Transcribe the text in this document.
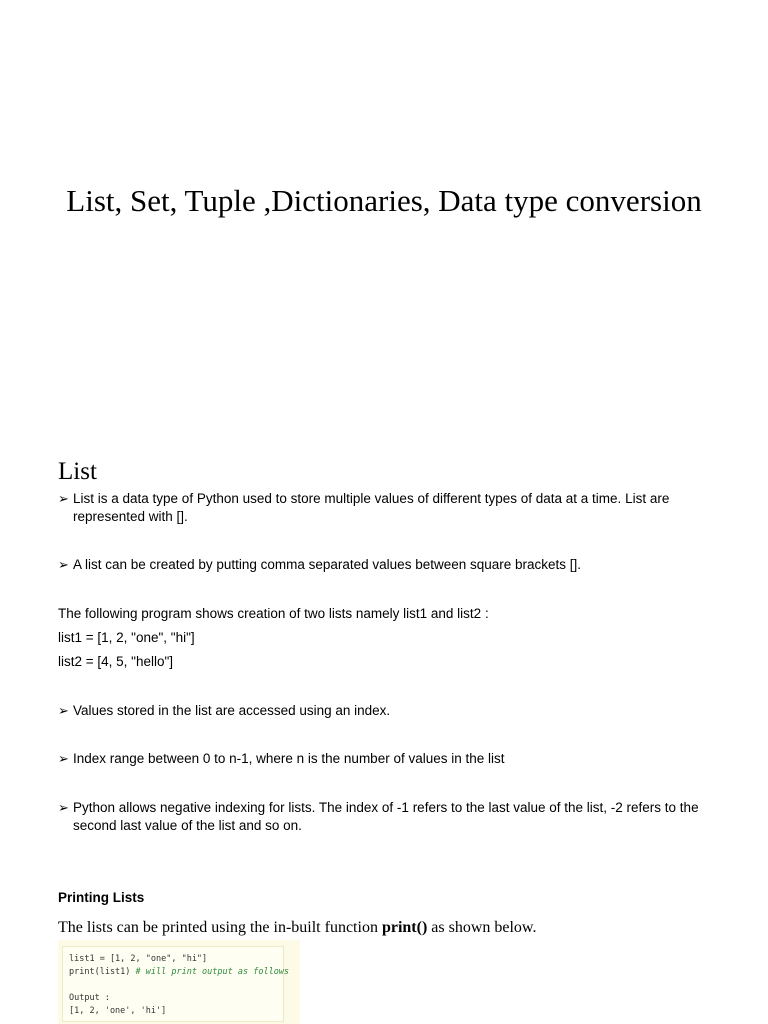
List, Set, Tuple ,Dictionaries, Data type conversion
List
➢ List is a data type of Python used to store multiple values of different types of data at a time. List are represented with [].
➢ A list can be created by putting comma separated values between square brackets [].
The following program shows creation of two lists namely list1 and list2 :
list1 = [1, 2, "one", "hi"]
list2 = [4, 5, "hello"]
➢ Values stored in the list are accessed using an index.
➢ Index range between 0 to n-1, where n is the number of values in the list
➢ Python allows negative indexing for lists. The index of -1 refers to the last value of the list, -2 refers to the second last value of the list and so on.
Printing Lists
The lists can be printed using the in-built function print() as shown below.
list1 = [1, 2, "one", "hi"]
print(list1) # will print output as follows

Output :
[1, 2, 'one', 'hi']
